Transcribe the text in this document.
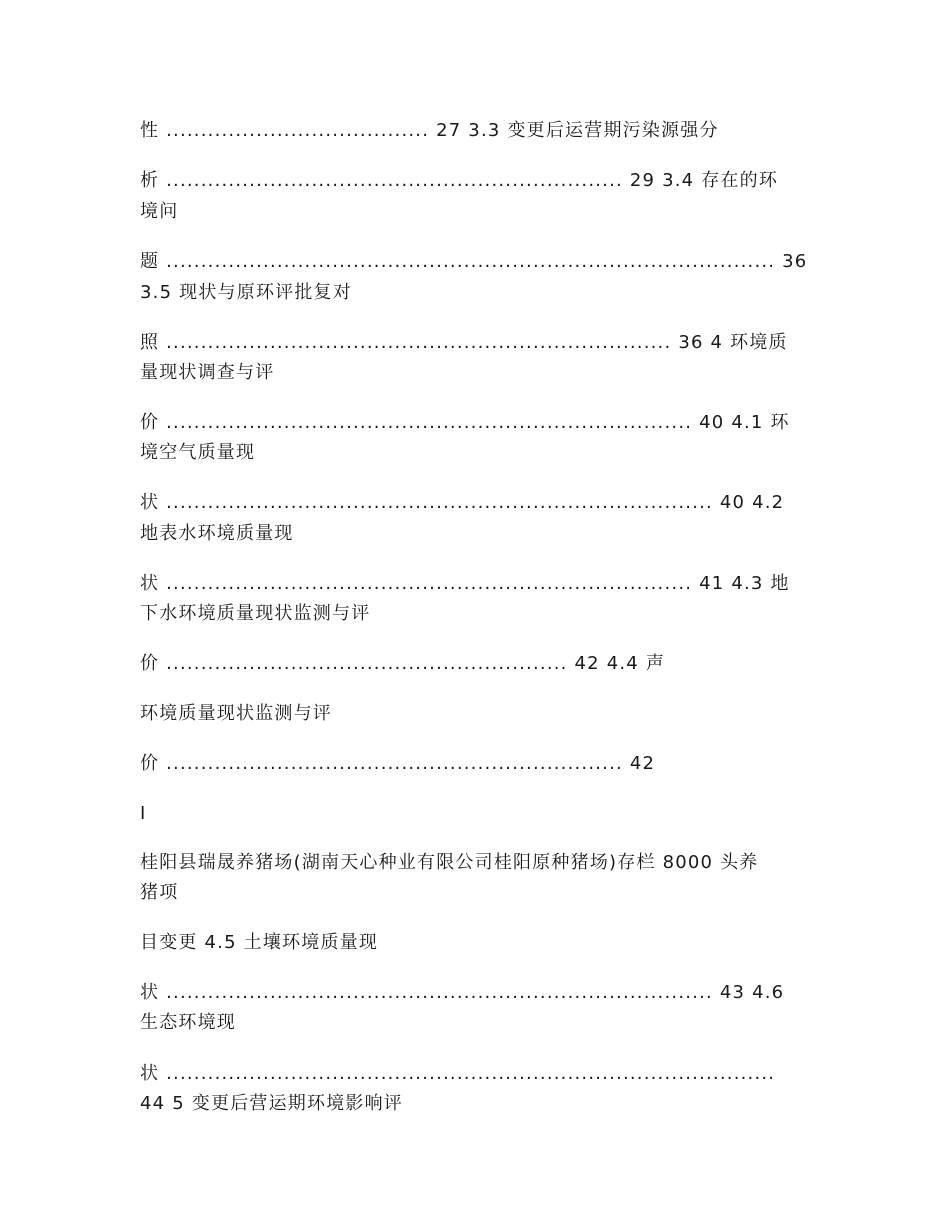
性 ...................................... 27 3.3 变更后运营期污染源强分
析 .................................................................. 29 3.4 存在的环
境问
题 ........................................................................................ 36
3.5 现状与原环评批复对
照 ......................................................................... 36 4 环境质
量现状调查与评
价 ............................................................................ 40 4.1 环
境空气质量现
状 ............................................................................... 40 4.2
地表水环境质量现
状 ............................................................................ 41 4.3 地
下水环境质量现状监测与评
价 .......................................................... 42 4.4 声
环境质量现状监测与评
价 .................................................................. 42
I
桂阳县瑞晟养猪场(湖南天心种业有限公司桂阳原种猪场)存栏 8000 头养
猪项
目变更 4.5 土壤环境质量现
状 ............................................................................... 43 4.6
生态环境现
状 ........................................................................................
44 5 变更后营运期环境影响评
